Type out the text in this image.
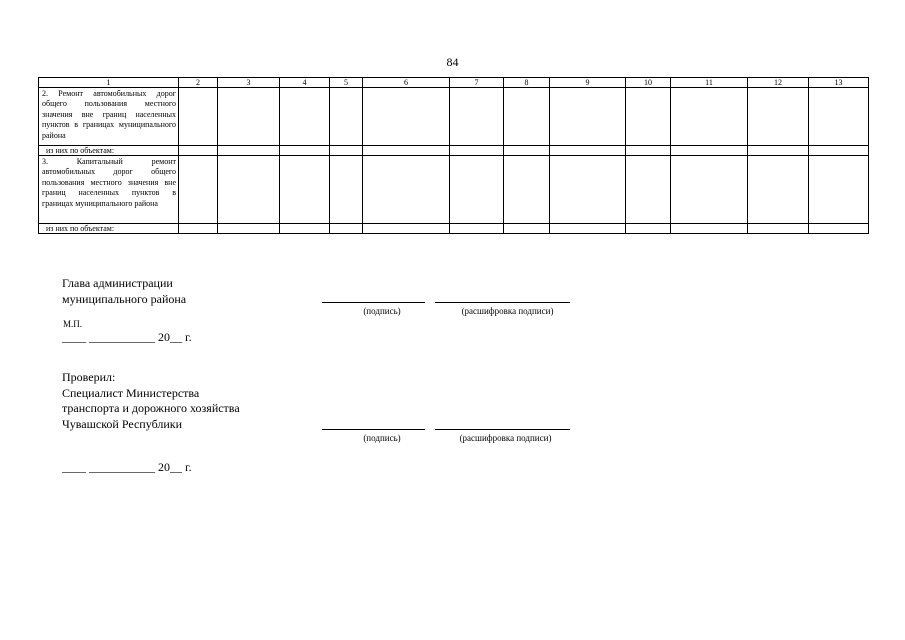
84
1	2	3	4	5	6	7	8	9	10	11	12	13
2. Ремонт автомобильных дорог общего пользования местного значения вне границ населенных пунктов в границах муниципального района												
из них по объектам:												
3. Капитальный ремонт автомобильных дорог общего пользования местного значения вне границ населенных пунктов в границах муниципального района												
из них по объектам:												
Глава администрации
муниципального района
(подпись)	(расшифровка подписи)
М.П.
____ ___________ 20__ г.
Проверил:
Специалист Министерства
транспорта и дорожного хозяйства
Чувашской Республики
(подпись)	(расшифровка подписи)
____ ___________ 20__ г.
